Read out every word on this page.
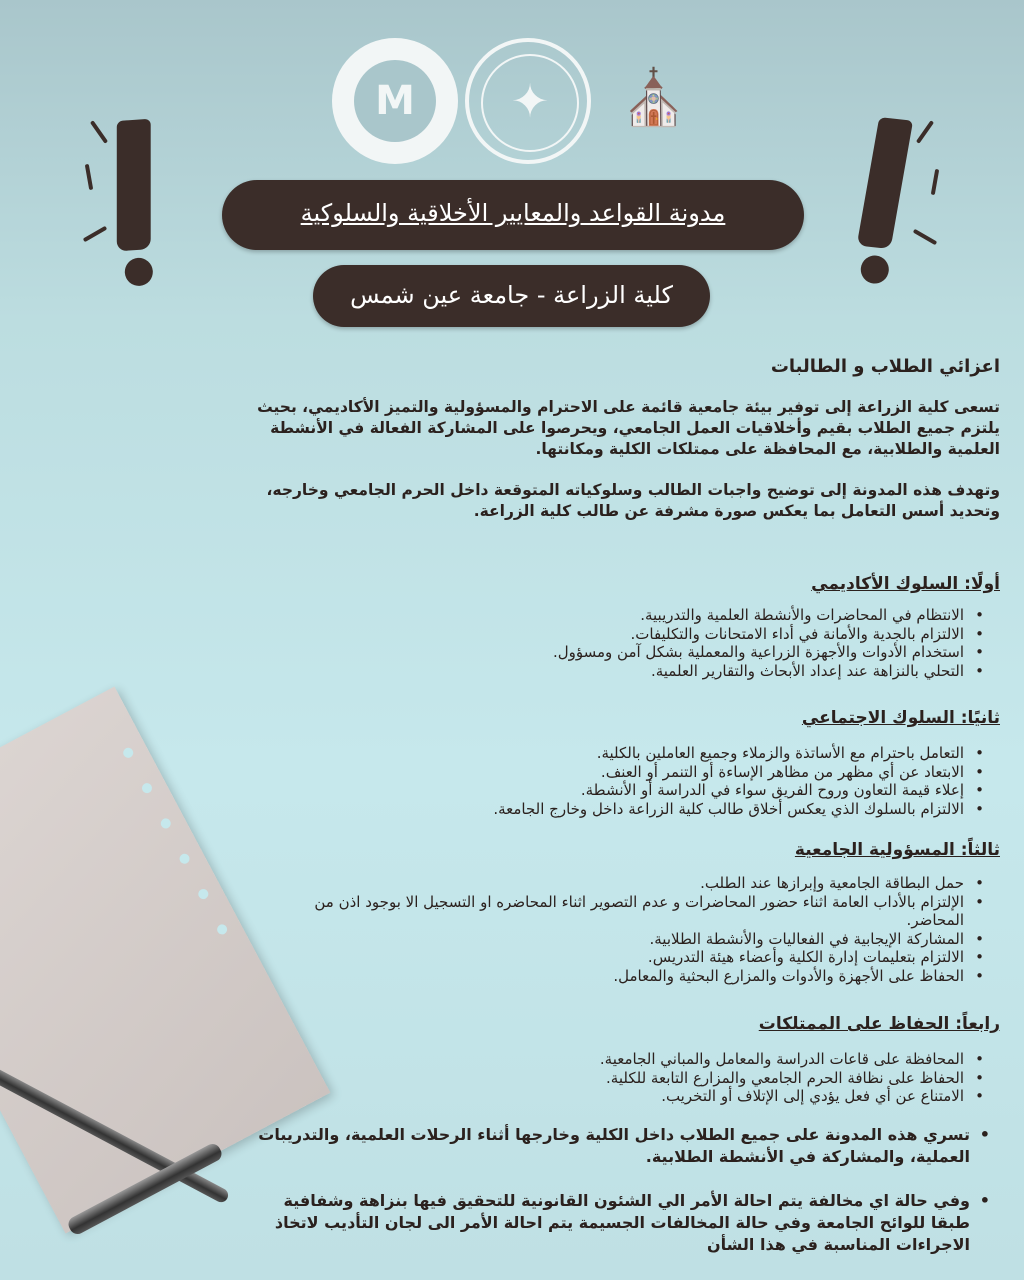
M	✦	⛪
مدونة القواعد والمعايير الأخلاقية والسلوكية
كلية الزراعة - جامعة عين شمس
اعزائي الطلاب و الطالبات
تسعى كلية الزراعة إلى توفير بيئة جامعية قائمة على الاحترام والمسؤولية والتميز الأكاديمي، بحيث يلتزم جميع الطلاب بقيم وأخلاقيات العمل الجامعي، ويحرصوا على المشاركة الفعالة في الأنشطة العلمية والطلابية، مع المحافظة على ممتلكات الكلية ومكانتها.
وتهدف هذه المدونة إلى توضيح واجبات الطالب وسلوكياته المتوقعة داخل الحرم الجامعي وخارجه، وتحديد أسس التعامل بما يعكس صورة مشرفة عن طالب كلية الزراعة.
أولًا: السلوك الأكاديمي
• الانتظام في المحاضرات والأنشطة العلمية والتدريبية.
• الالتزام بالجدية والأمانة في أداء الامتحانات والتكليفات.
• استخدام الأدوات والأجهزة الزراعية والمعملية بشكل آمن ومسؤول.
• التحلي بالنزاهة عند إعداد الأبحاث والتقارير العلمية.
ثانيًا: السلوك الاجتماعي
• التعامل باحترام مع الأساتذة والزملاء وجميع العاملين بالكلية.
• الابتعاد عن أي مظهر من مظاهر الإساءة أو التنمر أو العنف.
• إعلاء قيمة التعاون وروح الفريق سواء في الدراسة أو الأنشطة.
• الالتزام بالسلوك الذي يعكس أخلاق طالب كلية الزراعة داخل وخارج الجامعة.
ثالثاً: المسؤولية الجامعية
• حمل البطاقة الجامعية وإبرازها عند الطلب.
• الإلتزام بالأداب العامة اثناء حضور المحاضرات و عدم التصوير اثناء المحاضره او التسجيل الا بوجود اذن من المحاضر.
• المشاركة الإيجابية في الفعاليات والأنشطة الطلابية.
• الالتزام بتعليمات إدارة الكلية وأعضاء هيئة التدريس.
• الحفاظ على الأجهزة والأدوات والمزارع البحثية والمعامل.
رابعاً: الحفاظ على الممتلكات
• المحافظة على قاعات الدراسة والمعامل والمباني الجامعية.
• الحفاظ على نظافة الحرم الجامعي والمزارع التابعة للكلية.
• الامتناع عن أي فعل يؤدي إلى الإتلاف أو التخريب.
• تسري هذه المدونة على جميع الطلاب داخل الكلية وخارجها أثناء الرحلات العلمية، والتدريبات العملية، والمشاركة في الأنشطة الطلابية.
• وفي حالة اي مخالفة يتم احالة الأمر الي الشئون القانونية للتحقيق فيها بنزاهة وشفافية طبقا للوائح الجامعة وفي حالة المخالفات الجسيمة يتم احالة الأمر الى لجان التأديب لاتخاذ الاجراءات المناسبة في هذا الشأن
